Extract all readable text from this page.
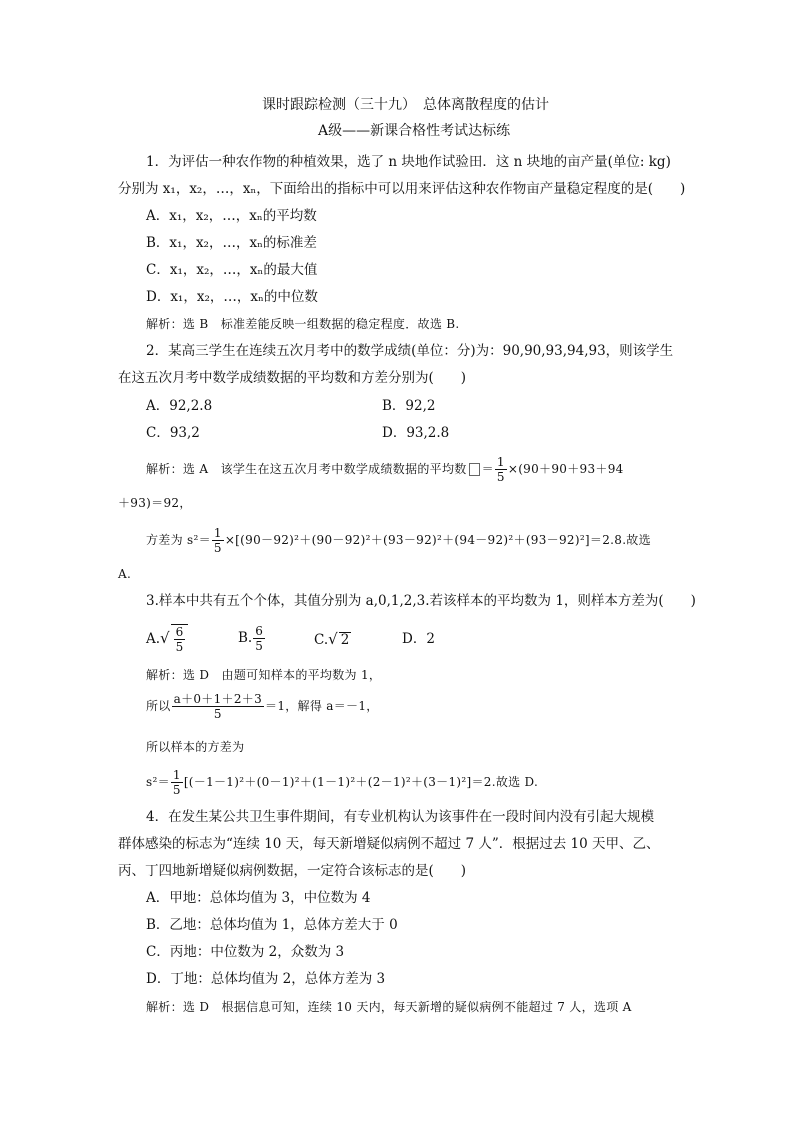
课时跟踪检测（三十九）　总体离散程度的估计
A级——新课合格性考试达标练
1．为评估一种农作物的种植效果，选了 n 块地作试验田．这 n 块地的亩产量(单位: kg)
分别为 x₁，x₂，…，xₙ，下面给出的指标中可以用来评估这种农作物亩产量稳定程度的是(　　)
A．x₁，x₂，…，xₙ的平均数
B．x₁，x₂，…，xₙ的标准差
C．x₁，x₂，…，xₙ的最大值
D．x₁，x₂，…，xₙ的中位数
解析：选 B　标准差能反映一组数据的稳定程度．故选 B.
2．某高三学生在连续五次月考中的数学成绩(单位：分)为：90,90,93,94,93，则该学生
在这五次月考中数学成绩数据的平均数和方差分别为(　　)
A．92,2.8	B．92,2
C．93,2	D．93,2.8
解析：选 A　该学生在这五次月考中数学成绩数据的平均数 ＝ $\frac{1}{5} \times(90+90+93+94$
＋93)＝92，
方差为 $s^2= \frac{1}{5} \times[(90-92)^2+(90-92)^2+(93-92)^2+(94-92)^2+(93-92)^2]=2.8$.故选
A.
3.样本中共有五个个体，其值分别为 a,0,1,2,3.若该样本的平均数为 1，则样本方差为(　　)
$A.√ \frac{6}{5}$	B. $\frac{6}{5}$	C.√ 2	D．2
解析：选 D　由题可知样本的平均数为 1，
所以 $\frac{a+0+1+2+3}{5} =1$，解得 a＝－1，
所以样本的方差为
$s^2= \frac{1}{5} [(-1-1)^2+(0-1)^2+(1-1)^2+(2-1)^2+(3-1)^2]=2$.故选 D.
4．在发生某公共卫生事件期间，有专业机构认为该事件在一段时间内没有引起大规模
群体感染的标志为“连续 10 天，每天新增疑似病例不超过 7 人”．根据过去 10 天甲、乙、
丙、丁四地新增疑似病例数据，一定符合该标志的是(　　)
A．甲地：总体均值为 3，中位数为 4
B．乙地：总体均值为 1，总体方差大于 0
C．丙地：中位数为 2，众数为 3
D．丁地：总体均值为 2，总体方差为 3
解析：选 D　根据信息可知，连续 10 天内，每天新增的疑似病例不能超过 7 人，选项 A
